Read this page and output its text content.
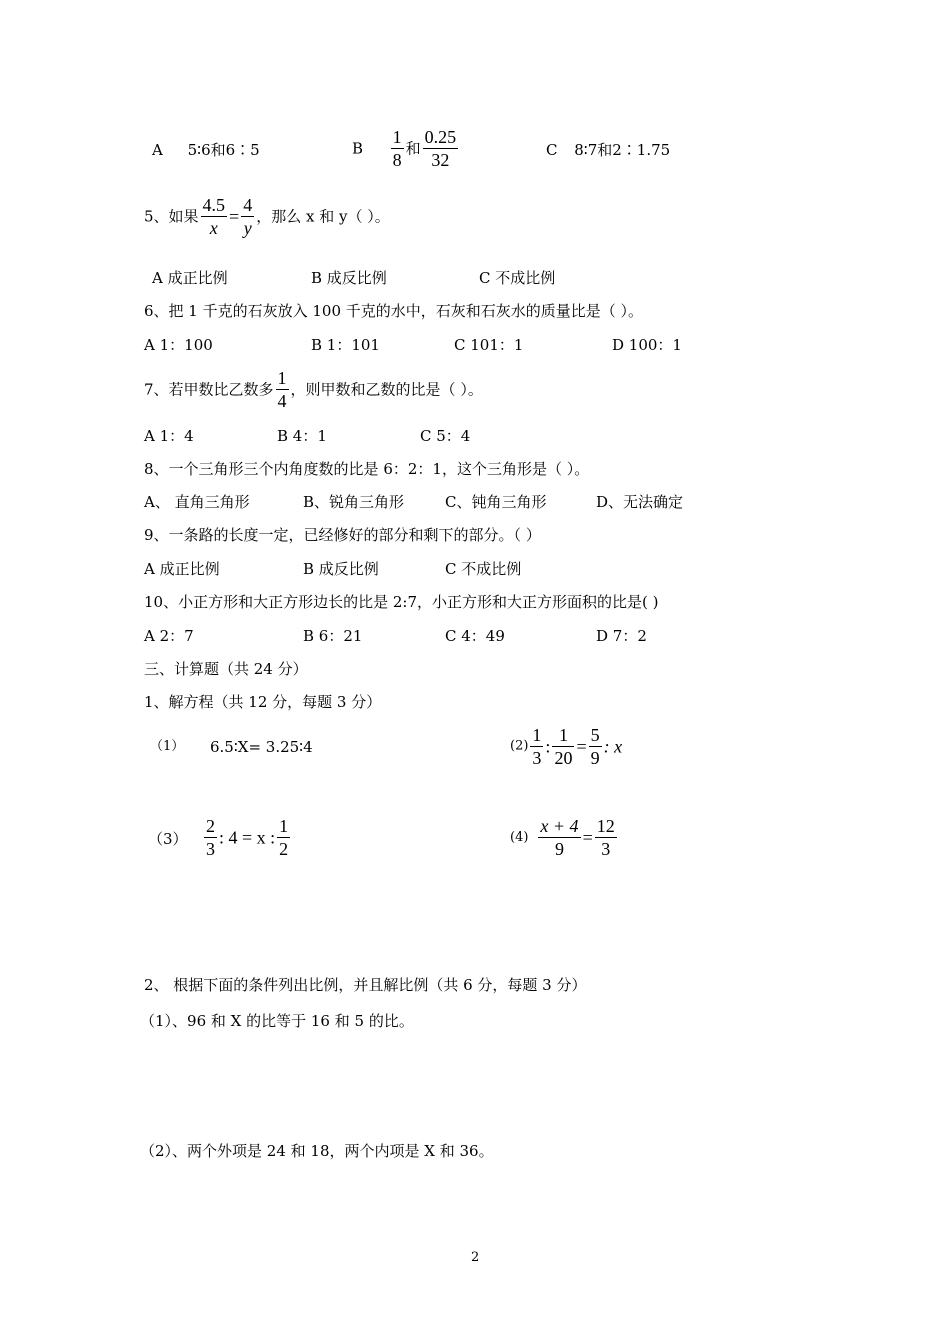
A 5∶6和6∶5	B $\frac{1}{8}$ 和 $\frac{0.25}{32}$	C 8∶7和2∶1.75
5、如果 $\frac{4.5}{x} = \frac{4}{y}$ ，那么 x 和 y（ ）。
A 成正比例	B 成反比例	C 不成比例
6、把 1 千克的石灰放入 100 千克的水中，石灰和石灰水的质量比是（ ）。
A 1：100	B 1：101	C 101：1	D 100：1
7、若甲数比乙数多 $\frac{1}{4}$ ，则甲数和乙数的比是（ ）。
A 1：4	B 4：1	C 5：4
8、一个三角形三个内角度数的比是 6：2：1，这个三角形是（ ）。
A、 直角三角形	B、锐角三角形	C、钝角三角形	D、无法确定
9、一条路的长度一定，已经修好的部分和剩下的部分。（ ）
A 成正比例	B 成反比例	C 不成比例
10、小正方形和大正方形边长的比是 2:7，小正方形和大正方形面积的比是( )
A 2：7	B 6：21	C 4：49	D 7：2
三、计算题（共 24 分）
1、解方程（共 12 分，每题 3 分）
（1） 6.5∶X= 3.25∶4	$(2) \frac{1}{3}$ : $\frac{1}{20} = \frac{5}{9}$ : x
$(3) \frac{2}{3}$ : 4 = x : $\frac{1}{2}$	$(4) \frac{x + 4}{9} = \frac{12}{3}$
2、 根据下面的条件列出比例，并且解比例（共 6 分，每题 3 分）
（1）、96 和 X 的比等于 16 和 5 的比。
（2）、两个外项是 24 和 18，两个内项是 X 和 36。
2
